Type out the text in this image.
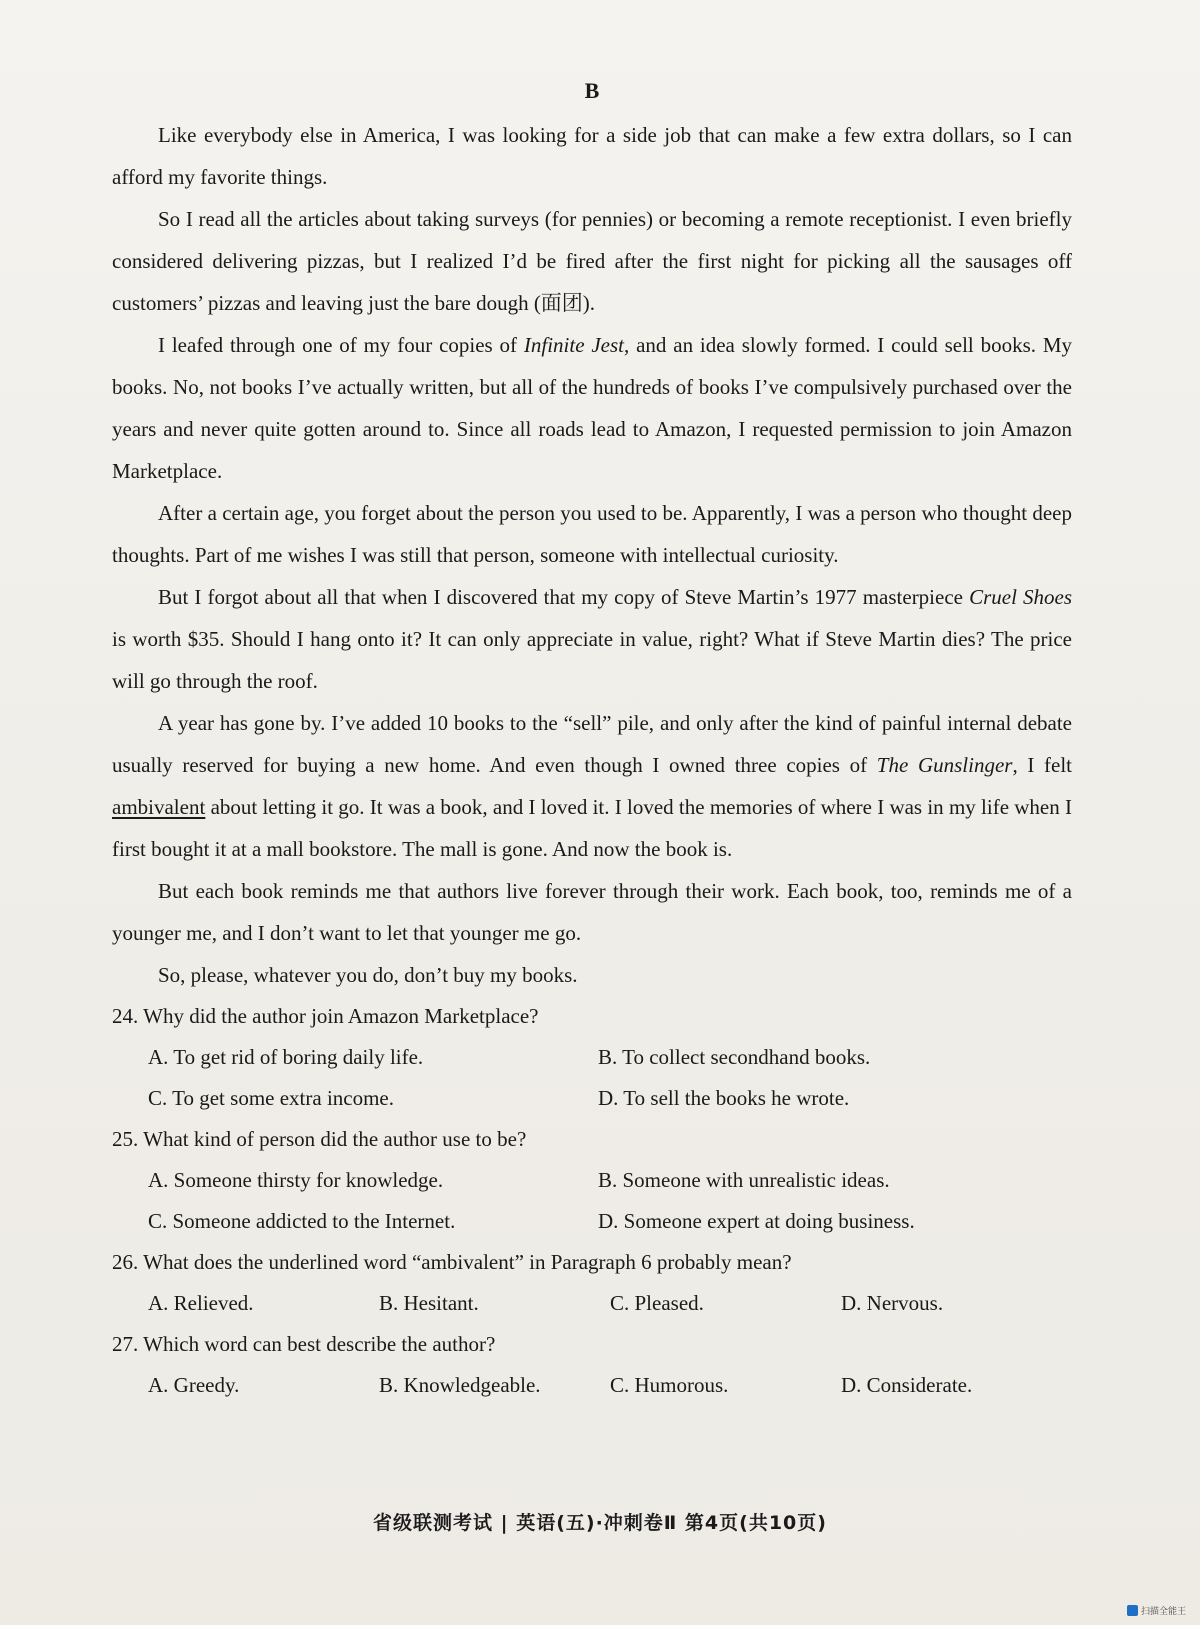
B

Like everybody else in America, I was looking for a side job that can make a few extra dollars, so I can afford my favorite things.

So I read all the articles about taking surveys (for pennies) or becoming a remote receptionist. I even briefly considered delivering pizzas, but I realized I’d be fired after the first night for picking all the sausages off customers’ pizzas and leaving just the bare dough (面团).

I leafed through one of my four copies of Infinite Jest, and an idea slowly formed. I could sell books. My books. No, not books I’ve actually written, but all of the hundreds of books I’ve compulsively purchased over the years and never quite gotten around to. Since all roads lead to Amazon, I requested permission to join Amazon Marketplace.

After a certain age, you forget about the person you used to be. Apparently, I was a person who thought deep thoughts. Part of me wishes I was still that person, someone with intellectual curiosity.

But I forgot about all that when I discovered that my copy of Steve Martin’s 1977 masterpiece Cruel Shoes is worth $35. Should I hang onto it? It can only appreciate in value, right? What if Steve Martin dies? The price will go through the roof.

A year has gone by. I’ve added 10 books to the “sell” pile, and only after the kind of painful internal debate usually reserved for buying a new home. And even though I owned three copies of The Gunslinger, I felt ambivalent about letting it go. It was a book, and I loved it. I loved the memories of where I was in my life when I first bought it at a mall bookstore. The mall is gone. And now the book is.

But each book reminds me that authors live forever through their work. Each book, too, reminds me of a younger me, and I don’t want to let that younger me go.

So, please, whatever you do, don’t buy my books.

24. Why did the author join Amazon Marketplace?

A. To get rid of boring daily life.	B. To collect secondhand books.
C. To get some extra income.	D. To sell the books he wrote.

25. What kind of person did the author use to be?

A. Someone thirsty for knowledge.	B. Someone with unrealistic ideas.
C. Someone addicted to the Internet.	D. Someone expert at doing business.

26. What does the underlined word “ambivalent” in Paragraph 6 probably mean?

A. Relieved.	B. Hesitant.	C. Pleased.	D. Nervous.

27. Which word can best describe the author?

A. Greedy.	B. Knowledgeable.	C. Humorous.	D. Considerate.
省级联测考试 | 英语(五)·冲刺卷Ⅱ 第4页(共10页)
扫描全能王
